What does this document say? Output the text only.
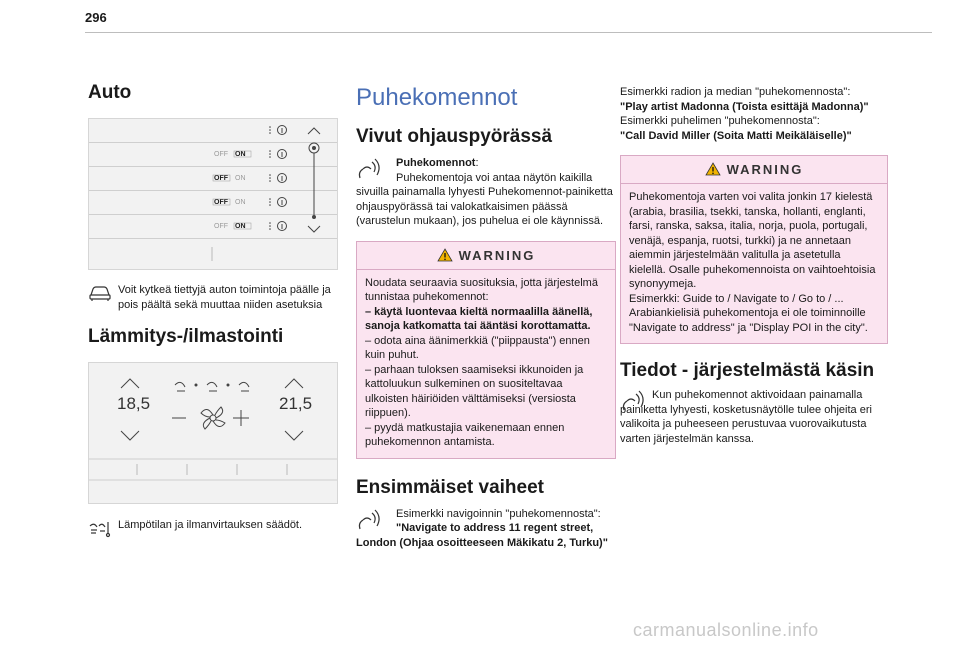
296
Auto
OFF ON
OFF ON
OFF ON
OFF ON
Voit kytkeä tiettyjä auton toimintoja päälle ja pois päältä sekä muuttaa niiden asetuksia
Lämmitys-/ilmastointi
18,5	21,5
Lämpötilan ja ilmanvirtauksen säädöt.
Puhekomennot
Vivut ohjauspyörässä
Puhekomennot:
Puhekomentoja voi antaa näytön kaikilla sivuilla painamalla lyhyesti Puhekomennot-painiketta ohjauspyörässä tai valokatkaisimen päässä (varustelun mukaan), jos puhelua ei ole käynnissä.
WARNING
Noudata seuraavia suosituksia, jotta järjestelmä tunnistaa puhekomennot:
– käytä luontevaa kieltä normaalilla äänellä, sanoja katkomatta tai ääntäsi korottamatta.
– odota aina äänimerkkiä ("piippausta") ennen kuin puhut.
– parhaan tuloksen saamiseksi ikkunoiden ja kattoluukun sulkeminen on suositeltavaa ulkoisten häiriöiden välttämiseksi (versiosta riippuen).
– pyydä matkustajia vaikenemaan ennen puhekomennon antamista.
Ensimmäiset vaiheet
Esimerkki navigoinnin "puhekomennosta":
"Navigate to address 11 regent street, London (Ohjaa osoitteeseen Mäkikatu 2, Turku)"
Esimerkki radion ja median "puhekomennosta":
"Play artist Madonna (Toista esittäjä Madonna)"
Esimerkki puhelimen "puhekomennosta":
"Call David Miller (Soita Matti Meikäläiselle)"
WARNING
Puhekomentoja varten voi valita jonkin 17 kielestä (arabia, brasilia, tsekki, tanska, hollanti, englanti, farsi, ranska, saksa, italia, norja, puola, portugali, venäjä, espanja, ruotsi, turkki) ja ne annetaan aiemmin järjestelmään valitulla ja asetetulla kielellä. Osalle puhekomennoista on vaihtoehtoisia synonyymeja.
Esimerkki: Guide to / Navigate to / Go to / ...
Arabiankielisiä puhekomentoja ei ole toiminnoille "Navigate to address" ja "Display POI in the city".
Tiedot - järjestelmästä käsin
Kun puhekomennot aktivoidaan painamalla painiketta lyhyesti, kosketusnäytölle tulee ohjeita eri valikoita ja puheeseen perustuvaa vuorovaikutusta varten järjestelmän kanssa.
carmanualsonline.info
